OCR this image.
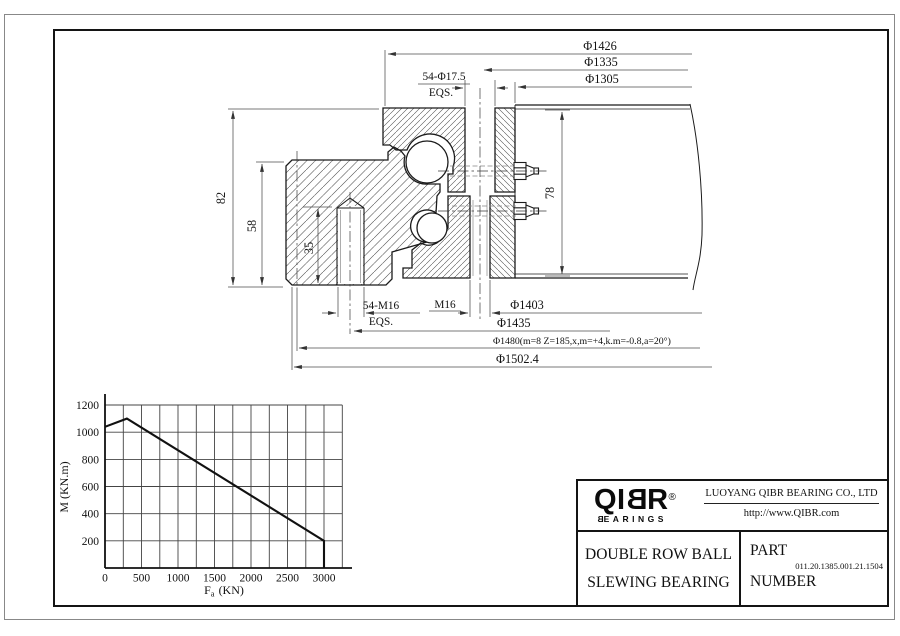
Φ1426
Φ1335
Φ1305
54-Φ17.5
EQS.
82
58
35
78
54-M16
EQS.
M16	Φ1403
Φ1435
Φ1480(m=8 Z=185,x,m=+4,k.m=-0.8,a=20°)
Φ1502.4
200
400
600
800
1000
1200
0 500 1000 1500 2000 2500 3000
$F_a$ (KN)
M (KN.m)	QIBR®
BEARINGS
LUOYANG QIBR BEARING CO., LTD
http://www.QIBR.com
DOUBLE ROW BALL
SLEWING BEARING
PART
NUMBER
011.20.1385.001.21.1504
